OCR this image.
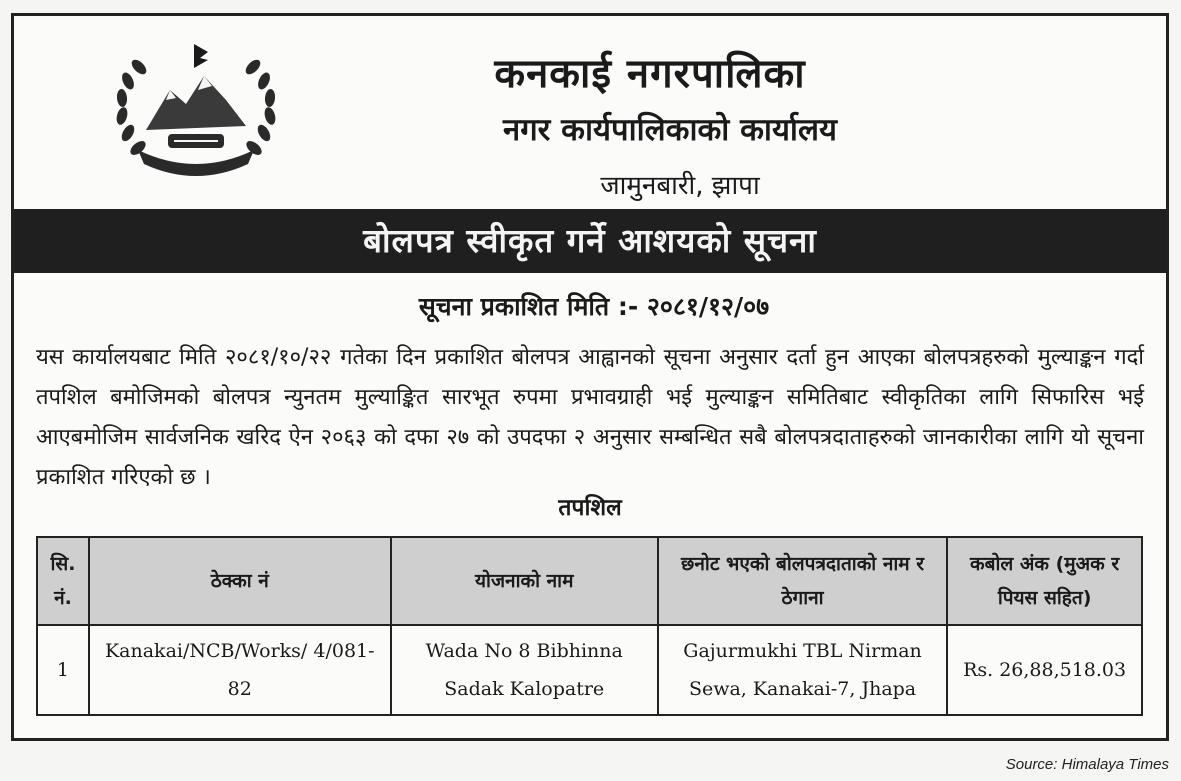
कनकाई नगरपालिका
नगर कार्यपालिकाको कार्यालय
जामुनबारी, झापा
बोलपत्र स्वीकृत गर्ने आशयको सूचना
सूचना प्रकाशित मिति :- २०८१/१२/०७

यस कार्यालयबाट मिति २०८१/१०/२२ गतेका दिन प्रकाशित बोलपत्र आह्वानको सूचना अनुसार दर्ता हुन आएका बोलपत्रहरुको मुल्याङ्कन गर्दा तपशिल बमोजिमको बोलपत्र न्युनतम मुल्याङ्कित सारभूत रुपमा प्रभावग्राही भई मुल्याङ्कन समितिबाट स्वीकृतिका लागि सिफारिस भई आएबमोजिम सार्वजनिक खरिद ऐन २०६३ को दफा २७ को उपदफा २ अनुसार सम्बन्धित सबै बोलपत्रदाताहरुको जानकारीका लागि यो सूचना प्रकाशित गरिएको छ ।

तपशिल
सि. नं.	ठेक्का नं	योजनाको नाम	छनोट भएको बोलपत्रदाताको नाम र ठेगाना	कबोल अंक (मुअक र पियस सहित)
1	Kanakai/NCB/Works/ 4/081-82	Wada No 8 Bibhinna Sadak Kalopatre	Gajurmukhi TBL Nirman Sewa, Kanakai-7, Jhapa	Rs. 26,88,518.03
Source: Himalaya Times
